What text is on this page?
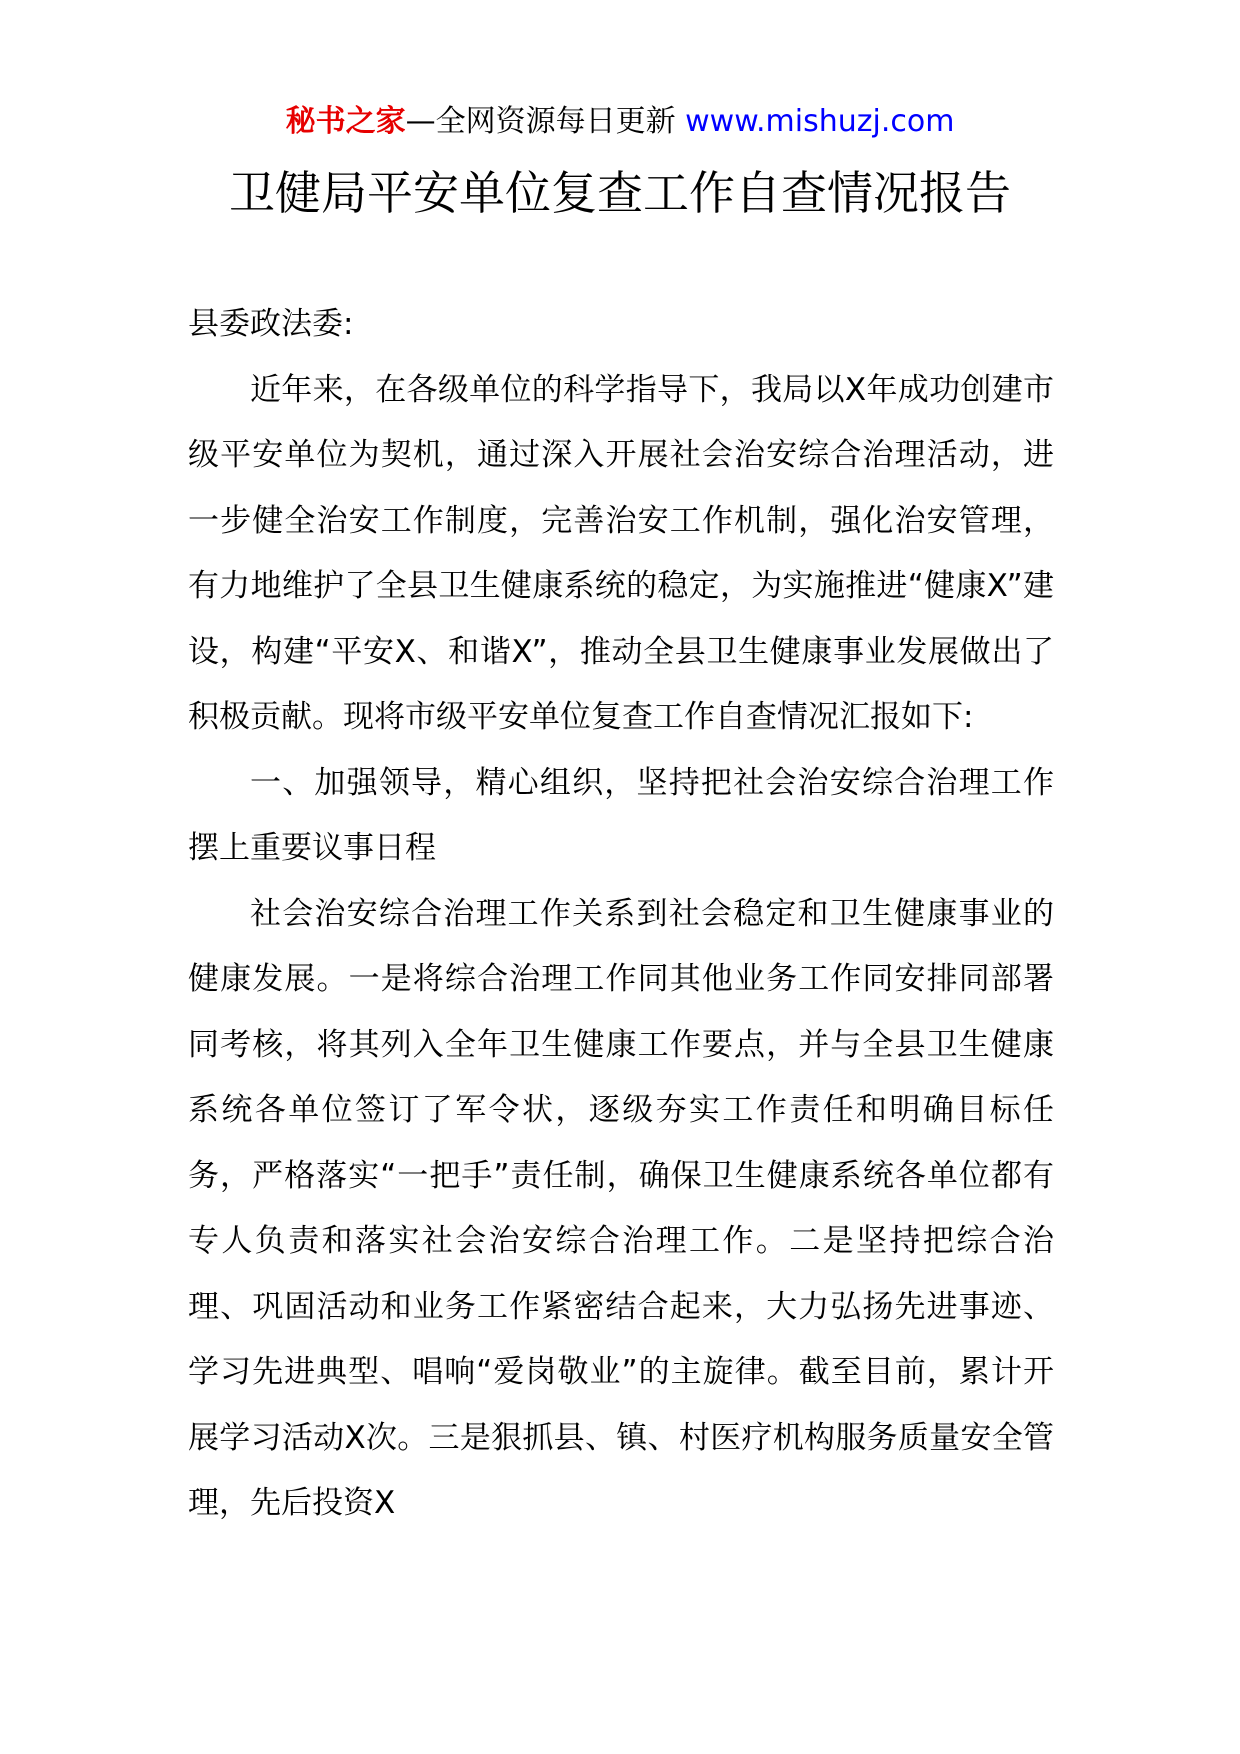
秘书之家—全网资源每日更新 www.mishuzj.com
卫健局平安单位复查工作自查情况报告

县委政法委:

近年来，在各级单位的科学指导下，我局以X年成功创建市级平安单位为契机，通过深入开展社会治安综合治理活动，进一步健全治安工作制度，完善治安工作机制，强化治安管理，有力地维护了全县卫生健康系统的稳定，为实施推进“健康X”建设，构建“平安X、和谐X”，推动全县卫生健康事业发展做出了积极贡献。现将市级平安单位复查工作自查情况汇报如下:

一、加强领导，精心组织，坚持把社会治安综合治理工作摆上重要议事日程

社会治安综合治理工作关系到社会稳定和卫生健康事业的健康发展。一是将综合治理工作同其他业务工作同安排同部署同考核，将其列入全年卫生健康工作要点，并与全县卫生健康系统各单位签订了军令状，逐级夯实工作责任和明确目标任务，严格落实“一把手”责任制，确保卫生健康系统各单位都有专人负责和落实社会治安综合治理工作。二是坚持把综合治理、巩固活动和业务工作紧密结合起来，大力弘扬先进事迹、学习先进典型、唱响“爱岗敬业”的主旋律。截至目前，累计开展学习活动X次。三是狠抓县、镇、村医疗机构服务质量安全管理，先后投资X
